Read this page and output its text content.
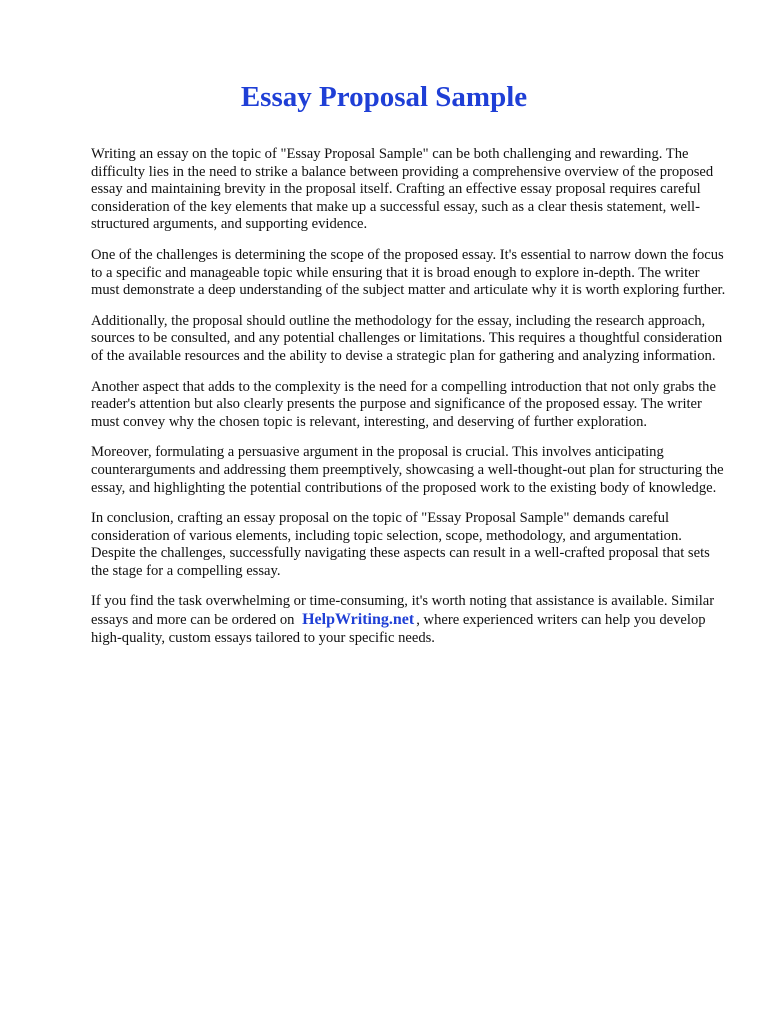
Essay Proposal Sample

Writing an essay on the topic of "Essay Proposal Sample" can be both challenging and rewarding. The difficulty lies in the need to strike a balance between providing a comprehensive overview of the proposed essay and maintaining brevity in the proposal itself. Crafting an effective essay proposal requires careful consideration of the key elements that make up a successful essay, such as a clear thesis statement, well-structured arguments, and supporting evidence.

One of the challenges is determining the scope of the proposed essay. It's essential to narrow down the focus to a specific and manageable topic while ensuring that it is broad enough to explore in-depth. The writer must demonstrate a deep understanding of the subject matter and articulate why it is worth exploring further.

Additionally, the proposal should outline the methodology for the essay, including the research approach, sources to be consulted, and any potential challenges or limitations. This requires a thoughtful consideration of the available resources and the ability to devise a strategic plan for gathering and analyzing information.

Another aspect that adds to the complexity is the need for a compelling introduction that not only grabs the reader's attention but also clearly presents the purpose and significance of the proposed essay. The writer must convey why the chosen topic is relevant, interesting, and deserving of further exploration.

Moreover, formulating a persuasive argument in the proposal is crucial. This involves anticipating counterarguments and addressing them preemptively, showcasing a well-thought-out plan for structuring the essay, and highlighting the potential contributions of the proposed work to the existing body of knowledge.

In conclusion, crafting an essay proposal on the topic of "Essay Proposal Sample" demands careful consideration of various elements, including topic selection, scope, methodology, and argumentation. Despite the challenges, successfully navigating these aspects can result in a well-crafted proposal that sets the stage for a compelling essay.

If you find the task overwhelming or time-consuming, it's worth noting that assistance is available. Similar essays and more can be ordered on HelpWriting.net , where experienced writers can help you develop high-quality, custom essays tailored to your specific needs.
